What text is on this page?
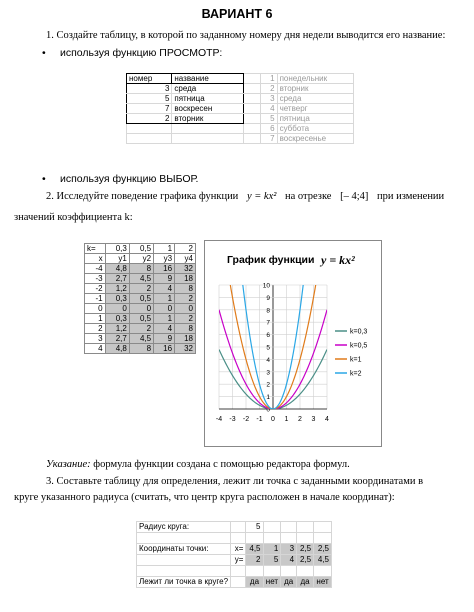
ВАРИАНТ 6
1. Создайте таблицу, в которой по заданному номеру дня недели выводится его название:
• используя функцию ПРОСМОТР:
номер	название		1	понедельник
3	среда		2	вторник
5	пятница		3	среда
7	воскресен		4	четверг
2	вторник		5	пятница
			6	суббота
			7	воскресенье
• используя функцию ВЫБОР.
2. Исследуйте поведение графика функции y = kx² на отрезке [– 4;4] при изменении
значений коэффициента k:
k=	0,3	0,5	1	2
x	y1	y2	y3	y4
-4	4,8	8	16	32
-3	2,7	4,5	9	18
-2	1,2	2	4	8
-1	0,3	0,5	1	2
0	0	0	0	0
1	0,3	0,5	1	2
2	1,2	2	4	8
3	2,7	4,5	9	18
4	4,8	8	16	32
График функции y = kx²
-4 -3 -2 -1 0 1 2 3 4
0
1
2
3
4
5
6
7
8
9
10
k=0,3
k=0,5
k=1
k=2
Указание: формула функции создана с помощью редактора формул.
3. Составьте таблицу для определения, лежит ли точка с заданными координатами в
круге указанного радиуса (считать, что центр круга расположен в начале координат):
Радиус круга:		5				

Координаты точки:	x=	4,5	1	3	2,5	2,5
	y=	2	5	4	2,5	4,5

Лежит ли точка в круге?		да	нет	да	да	нет
